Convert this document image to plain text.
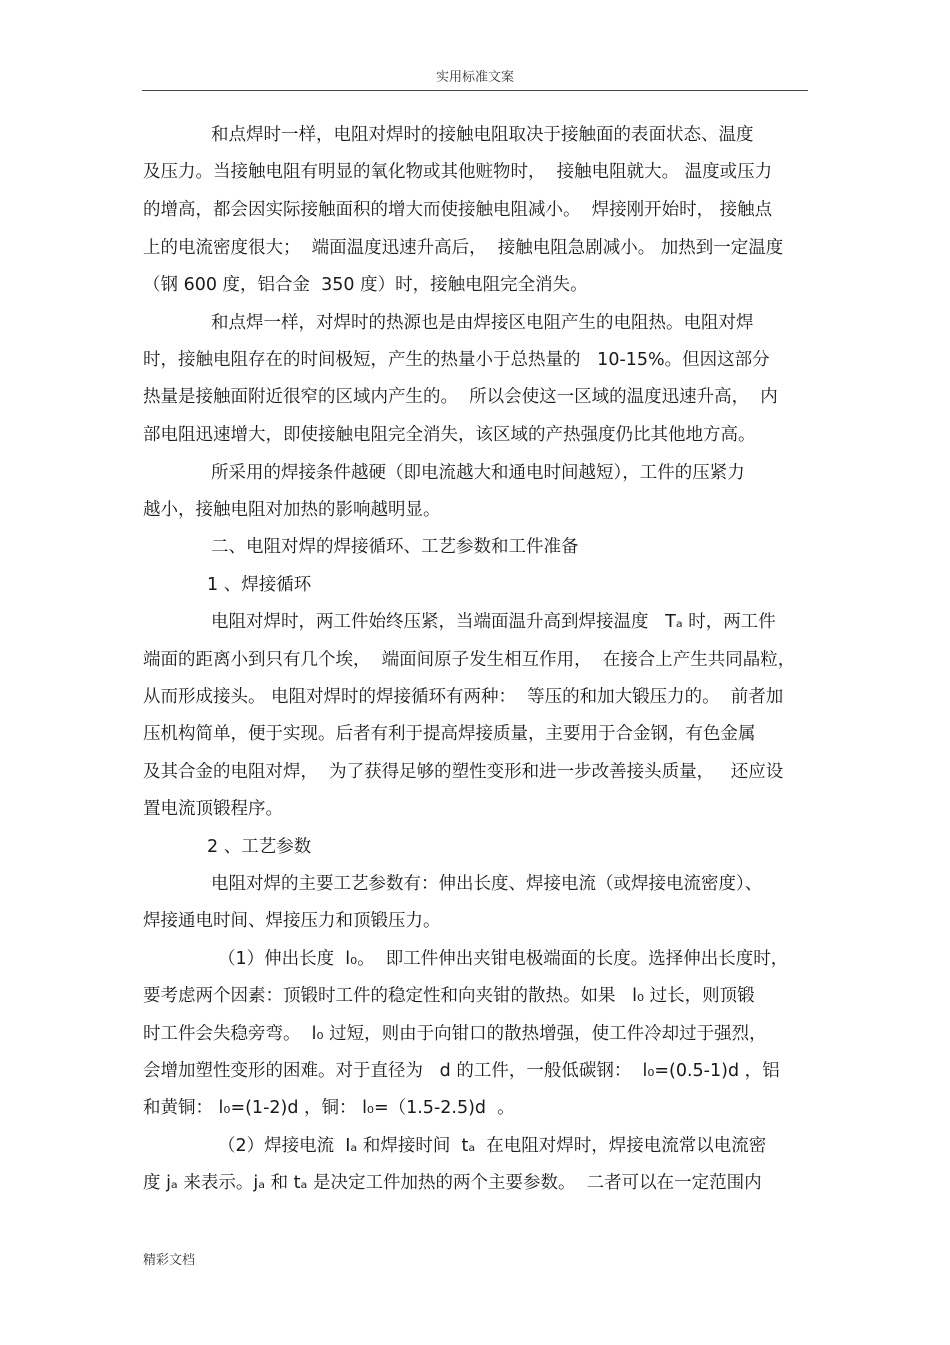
实用标准文案
和点焊时一样，电阻对焊时的接触电阻取决于接触面的表面状态、温度
及压力。当接触电阻有明显的氧化物或其他赃物时，  接触电阻就大。 温度或压力
的增高，都会因实际接触面积的增大而使接触电阻减小。  焊接刚开始时， 接触点
上的电流密度很大；  端面温度迅速升高后，  接触电阻急剧减小。 加热到一定温度
（钢 600 度，铝合金  350 度）时，接触电阻完全消失。
和点焊一样，对焊时的热源也是由焊接区电阻产生的电阻热。电阻对焊
时，接触电阻存在的时间极短，产生的热量小于总热量的   10-15%。但因这部分
热量是接触面附近很窄的区域内产生的。  所以会使这一区域的温度迅速升高，  内
部电阻迅速增大，即使接触电阻完全消失，该区域的产热强度仍比其他地方高。
所采用的焊接条件越硬（即电流越大和通电时间越短），工件的压紧力
越小，接触电阻对加热的影响越明显。
二、电阻对焊的焊接循环、工艺参数和工件准备
1 、焊接循环
电阻对焊时，两工件始终压紧，当端面温升高到焊接温度   Tₐ 时，两工件
端面的距离小到只有几个埃，  端面间原子发生相互作用，  在接合上产生共同晶粒，
从而形成接头。 电阻对焊时的焊接循环有两种：  等压的和加大锻压力的。  前者加
压机构简单，便于实现。后者有利于提高焊接质量，主要用于合金钢，有色金属
及其合金的电阻对焊，  为了获得足够的塑性变形和进一步改善接头质量，   还应设
置电流顶锻程序。
2 、工艺参数
电阻对焊的主要工艺参数有：伸出长度、焊接电流（或焊接电流密度）、
焊接通电时间、焊接压力和顶锻压力。
（1）伸出长度  l₀。  即工件伸出夹钳电极端面的长度。选择伸出长度时，
要考虑两个因素：顶锻时工件的稳定性和向夹钳的散热。如果   l₀ 过长，则顶锻
时工件会失稳旁弯。  l₀ 过短，则由于向钳口的散热增强，使工件冷却过于强烈，
会增加塑性变形的困难。对于直径为   d 的工件，一般低碳钢：  l₀=(0.5-1)d ，铝
和黄铜： l₀=(1-2)d ，铜： l₀=（1.5-2.5)d  。
（2）焊接电流  Iₐ 和焊接时间  tₐ  在电阻对焊时，焊接电流常以电流密
度 jₐ 来表示。jₐ 和 tₐ 是决定工件加热的两个主要参数。  二者可以在一定范围内
精彩文档
